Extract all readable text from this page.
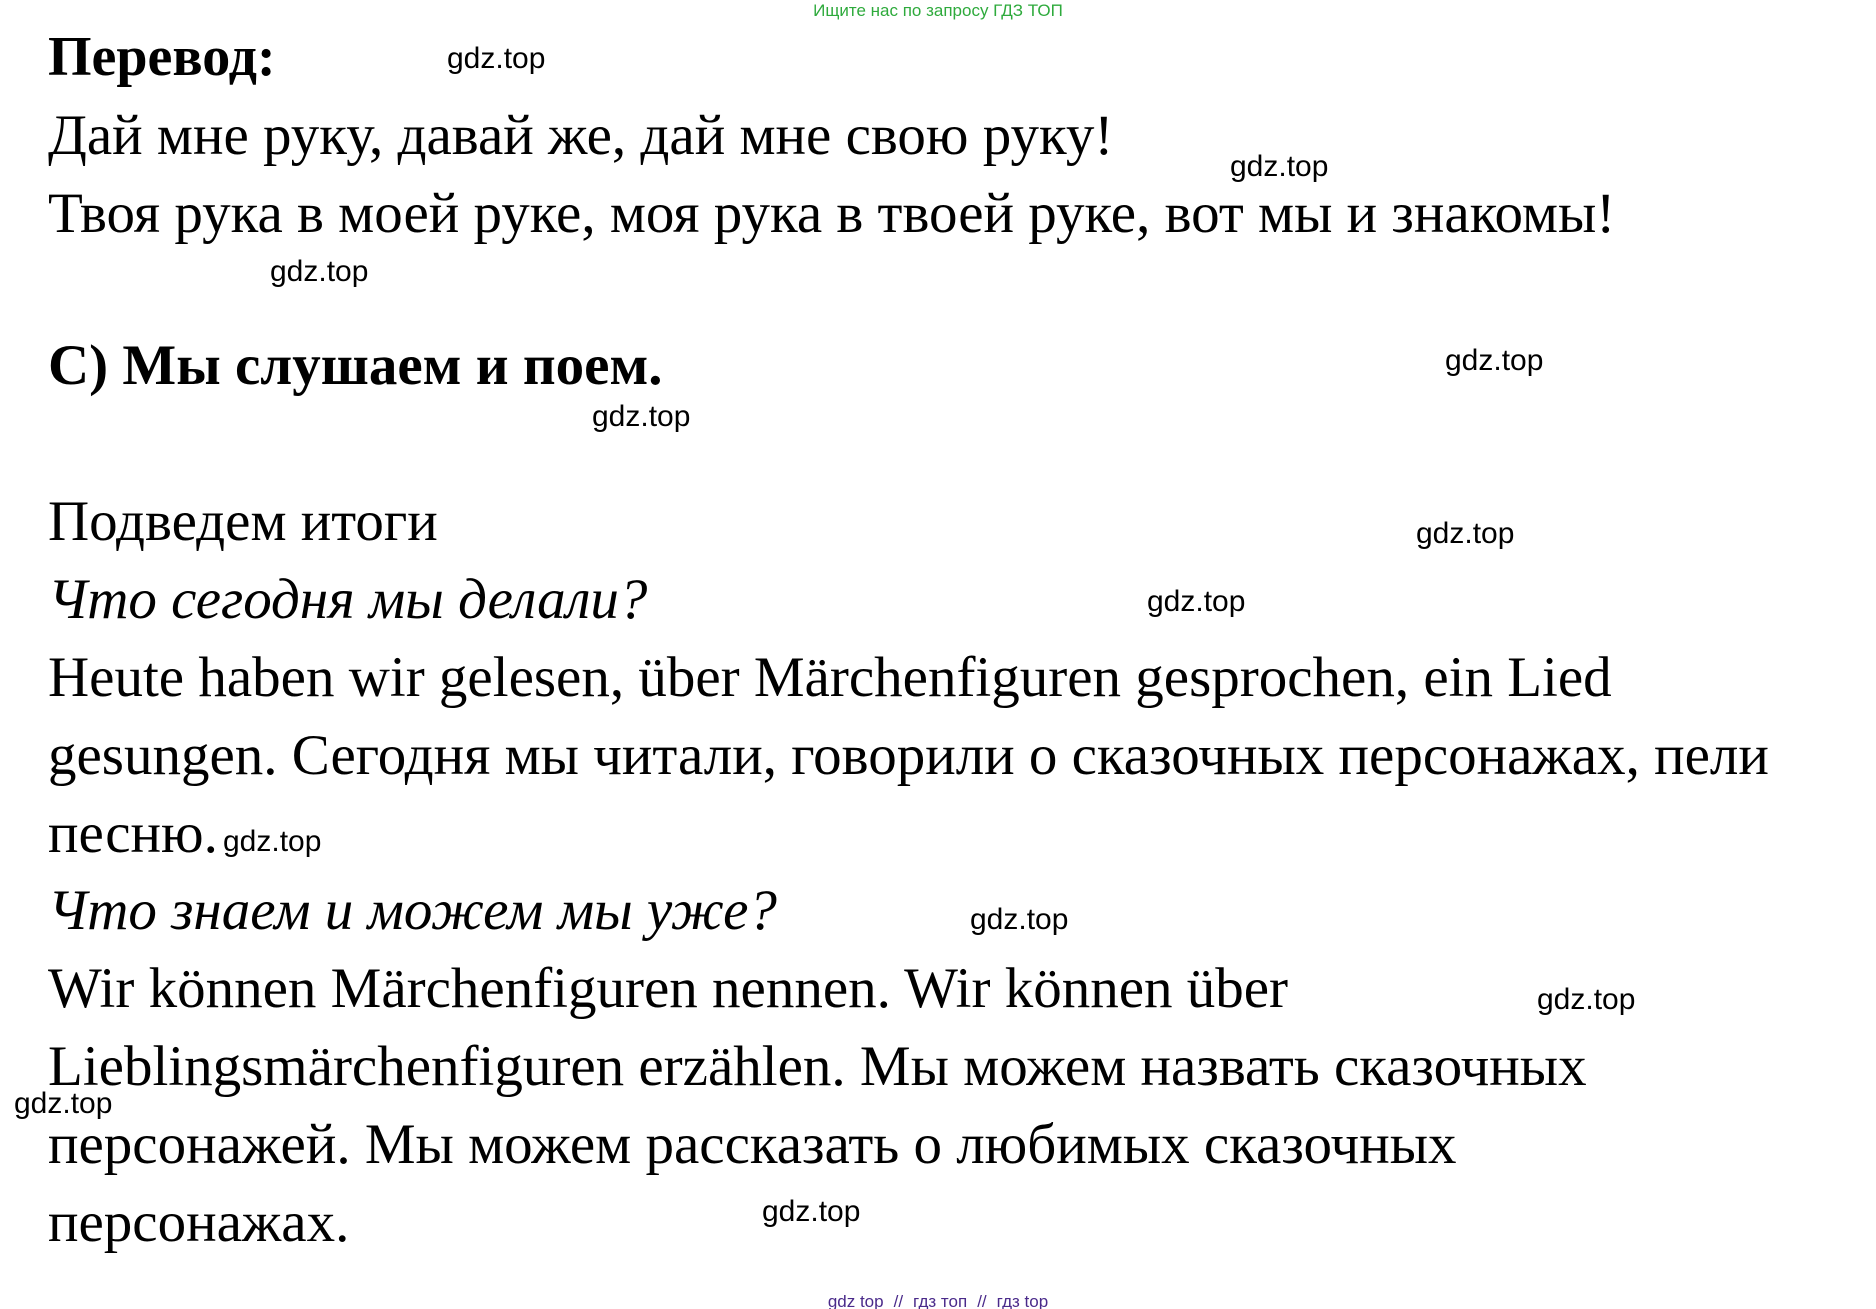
Ищите нас по запросу ГДЗ ТОП
Перевод:
Дай мне руку, давай же, дай мне свою руку!
Твоя рука в моей руке, моя рука в твоей руке, вот мы и знакомы!
C) Мы слушаем и поем.
Подведем итоги
Что сегодня мы делали?
Heute haben wir gelesen, über Märchenfiguren gesprochen, ein Lied
gesungen. Сегодня мы читали, говорили о сказочных персонажах, пели
песню.
Что знаем и можем мы уже?
Wir können Märchenfiguren nennen. Wir können über
Lieblingsmärchenfiguren erzählen. Мы можем назвать сказочных
персонажей. Мы можем рассказать о любимых сказочных
персонажах.
gdz.top
gdz.top
gdz.top
gdz.top
gdz.top
gdz.top
gdz.top
gdz.top
gdz.top
gdz.top
gdz.top
gdz.top
gdz top // гдз топ // гдз top
